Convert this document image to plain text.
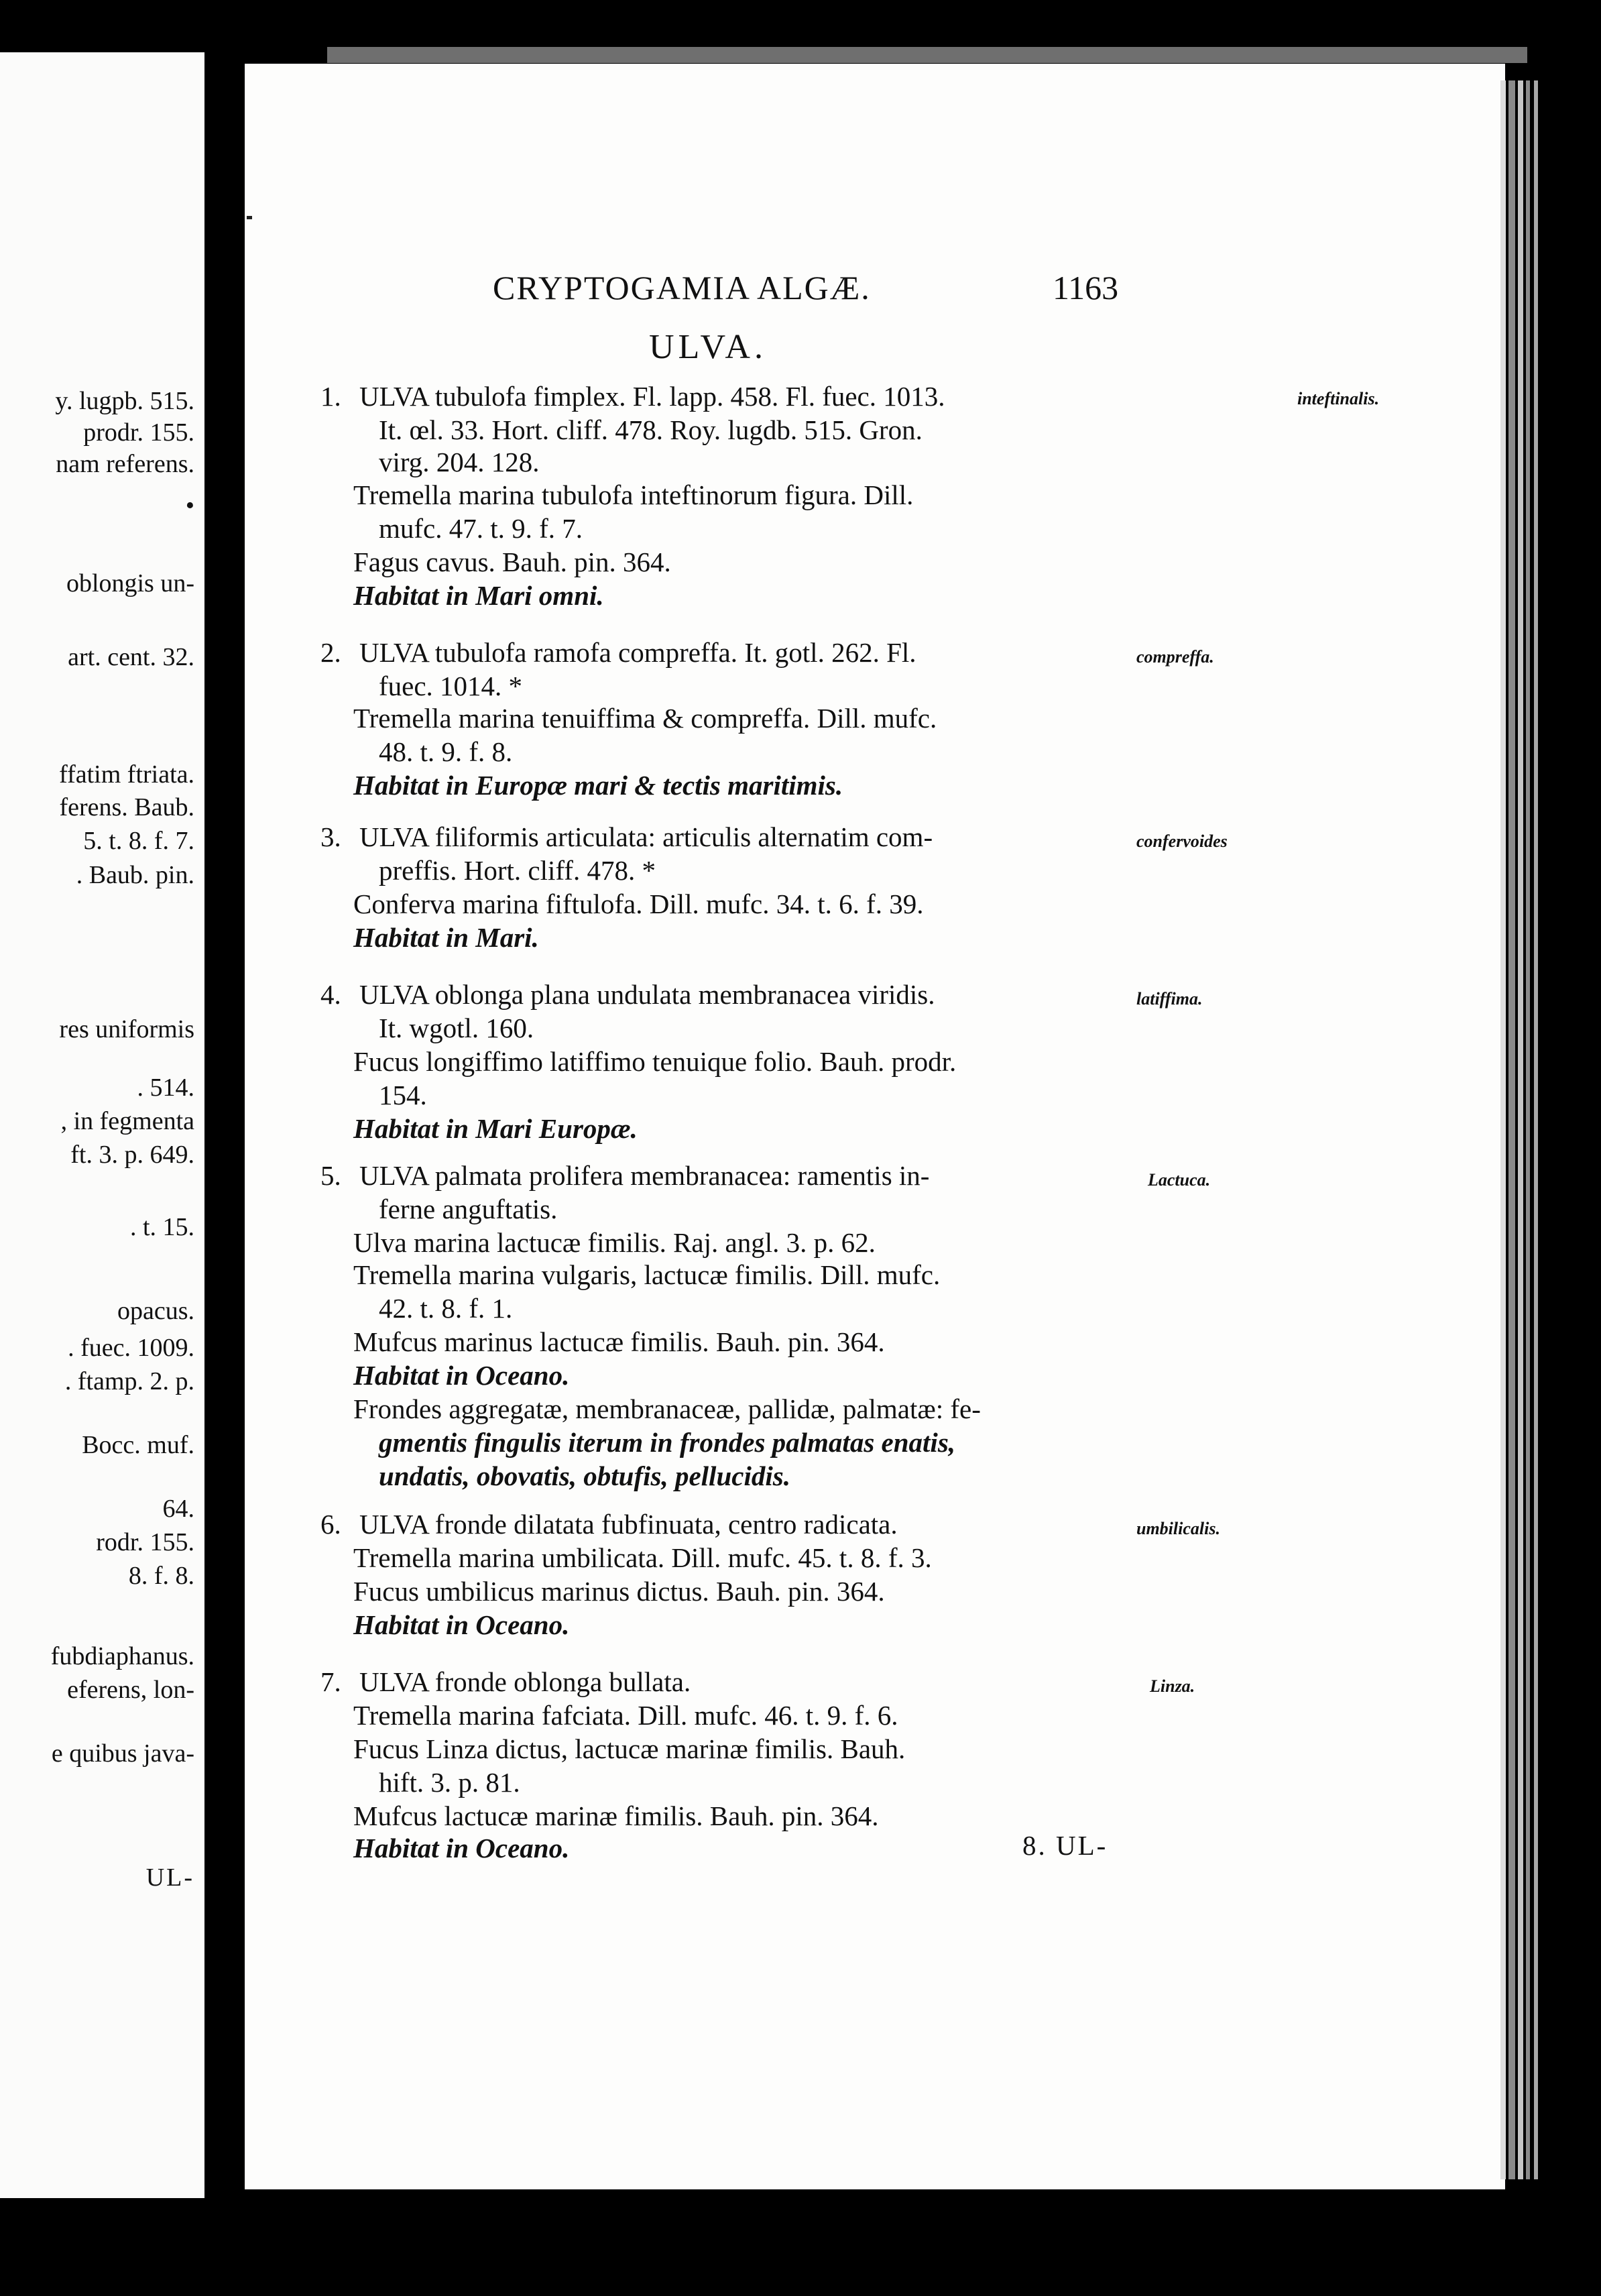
y. lugpb. 515.
prodr. 155.
nam referens.
•
oblongis un-
art. cent. 32.
ffatim ftriata.
ferens. Baub.
5. t. 8. f. 7.
. Baub. pin.
res uniformis
. 514.
, in fegmenta
ft. 3. p. 649.
. t. 15.
opacus.
. fuec. 1009.
. ftamp. 2. p.
Bocc. muf.
64.
rodr. 155.
8. f. 8.
fubdiaphanus.
eferens, lon-
e quibus java-
UL-
CRYPTOGAMIA ALGÆ.	1163
ULVA.
1. ULVA tubulofa fimplex. Fl. lapp. 458. Fl. fuec. 1013.	inteftinalis.
It. œl. 33. Hort. cliff. 478. Roy. lugdb. 515. Gron.
virg. 204. 128.
Tremella marina tubulofa inteftinorum figura. Dill.
mufc. 47. t. 9. f. 7.
Fagus cavus. Bauh. pin. 364.
Habitat in Mari omni.
2. ULVA tubulofa ramofa compreffa. It. gotl. 262. Fl.	compreffa.
fuec. 1014. *
Tremella marina tenuiffima & compreffa. Dill. mufc.
48. t. 9. f. 8.
Habitat in Europæ mari & tectis maritimis.
3. ULVA filiformis articulata: articulis alternatim com-	confervoides
preffis. Hort. cliff. 478. *
Conferva marina fiftulofa. Dill. mufc. 34. t. 6. f. 39.
Habitat in Mari.
4. ULVA oblonga plana undulata membranacea viridis.	latiffima.
It. wgotl. 160.
Fucus longiffimo latiffimo tenuique folio. Bauh. prodr.
154.
Habitat in Mari Europæ.
5. ULVA palmata prolifera membranacea: ramentis in-	Lactuca.
ferne anguftatis.
Ulva marina lactucæ fimilis. Raj. angl. 3. p. 62.
Tremella marina vulgaris, lactucæ fimilis. Dill. mufc.
42. t. 8. f. 1.
Mufcus marinus lactucæ fimilis. Bauh. pin. 364.
Habitat in Oceano.
Frondes aggregatæ, membranaceæ, pallidæ, palmatæ: fe-
gmentis fingulis iterum in frondes palmatas enatis,
undatis, obovatis, obtufis, pellucidis.
6. ULVA fronde dilatata fubfinuata, centro radicata.	umbilicalis.
Tremella marina umbilicata. Dill. mufc. 45. t. 8. f. 3.
Fucus umbilicus marinus dictus. Bauh. pin. 364.
Habitat in Oceano.
7. ULVA fronde oblonga bullata.	Linza.
Tremella marina fafciata. Dill. mufc. 46. t. 9. f. 6.
Fucus Linza dictus, lactucæ marinæ fimilis. Bauh.
hift. 3. p. 81.
Mufcus lactucæ marinæ fimilis. Bauh. pin. 364.
Habitat in Oceano.	8. UL-
